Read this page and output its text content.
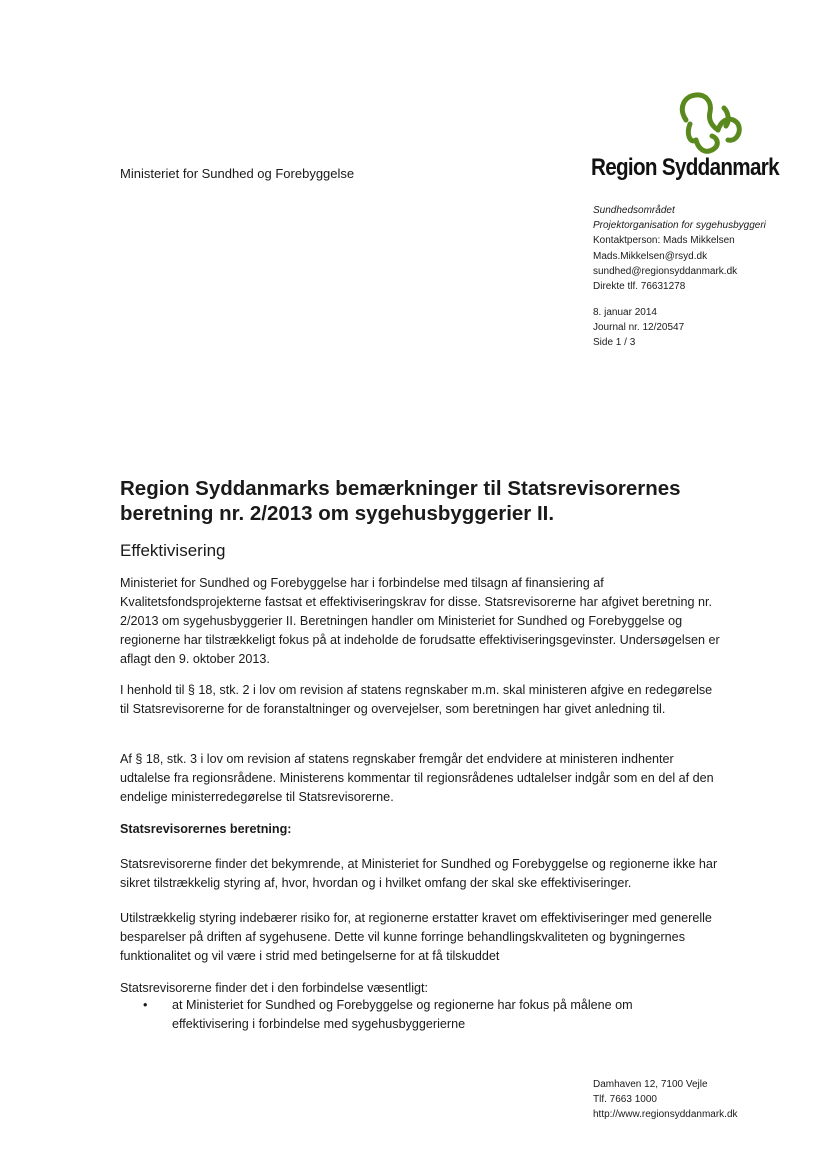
Ministeriet for Sundhed og Forebyggelse	Region Syddanmark
Sundhedsområdet
Projektorganisation for sygehusbyggeri
Kontaktperson: Mads Mikkelsen
Mads.Mikkelsen@rsyd.dk
sundhed@regionsyddanmark.dk
Direkte tlf. 76631278
8. januar 2014
Journal nr. 12/20547
Side 1 / 3
Region Syddanmarks bemærkninger til Statsrevisorernes beretning nr. 2/2013 om sygehusbyggerier II.
Effektivisering
Ministeriet for Sundhed og Forebyggelse har i forbindelse med tilsagn af finansiering af Kvalitetsfondsprojekterne fastsat et effektiviseringskrav for disse. Statsrevisorerne har afgivet beretning nr. 2/2013 om sygehusbyggerier II. Beretningen handler om Ministeriet for Sundhed og Forebyggelse og regionerne har tilstrækkeligt fokus på at indeholde de forudsatte effektiviseringsgevinster. Undersøgelsen er aflagt den 9. oktober 2013.
I henhold til § 18, stk. 2 i lov om revision af statens regnskaber m.m. skal ministeren afgive en redegørelse til Statsrevisorerne for de foranstaltninger og overvejelser, som beretningen har givet anledning til.
Af § 18, stk. 3 i lov om revision af statens regnskaber fremgår det endvidere at ministeren indhenter udtalelse fra regionsrådene. Ministerens kommentar til regionsrådenes udtalelser indgår som en del af den endelige ministerredegørelse til Statsrevisorerne.
Statsrevisorernes beretning:
Statsrevisorerne finder det bekymrende, at Ministeriet for Sundhed og Forebyggelse og regionerne ikke har sikret tilstrækkelig styring af, hvor, hvordan og i hvilket omfang der skal ske effektiviseringer.
Utilstrækkelig styring indebærer risiko for, at regionerne erstatter kravet om effektiviseringer med generelle besparelser på driften af sygehusene. Dette vil kunne forringe behandlingskvaliteten og bygningernes funktionalitet og vil være i strid med betingelserne for at få tilskuddet
Statsrevisorerne finder det i den forbindelse væsentligt:
• at Ministeriet for Sundhed og Forebyggelse og regionerne har fokus på målene om effektivisering i forbindelse med sygehusbyggerierne
Damhaven 12, 7100 Vejle
Tlf. 7663 1000
http://www.regionsyddanmark.dk
